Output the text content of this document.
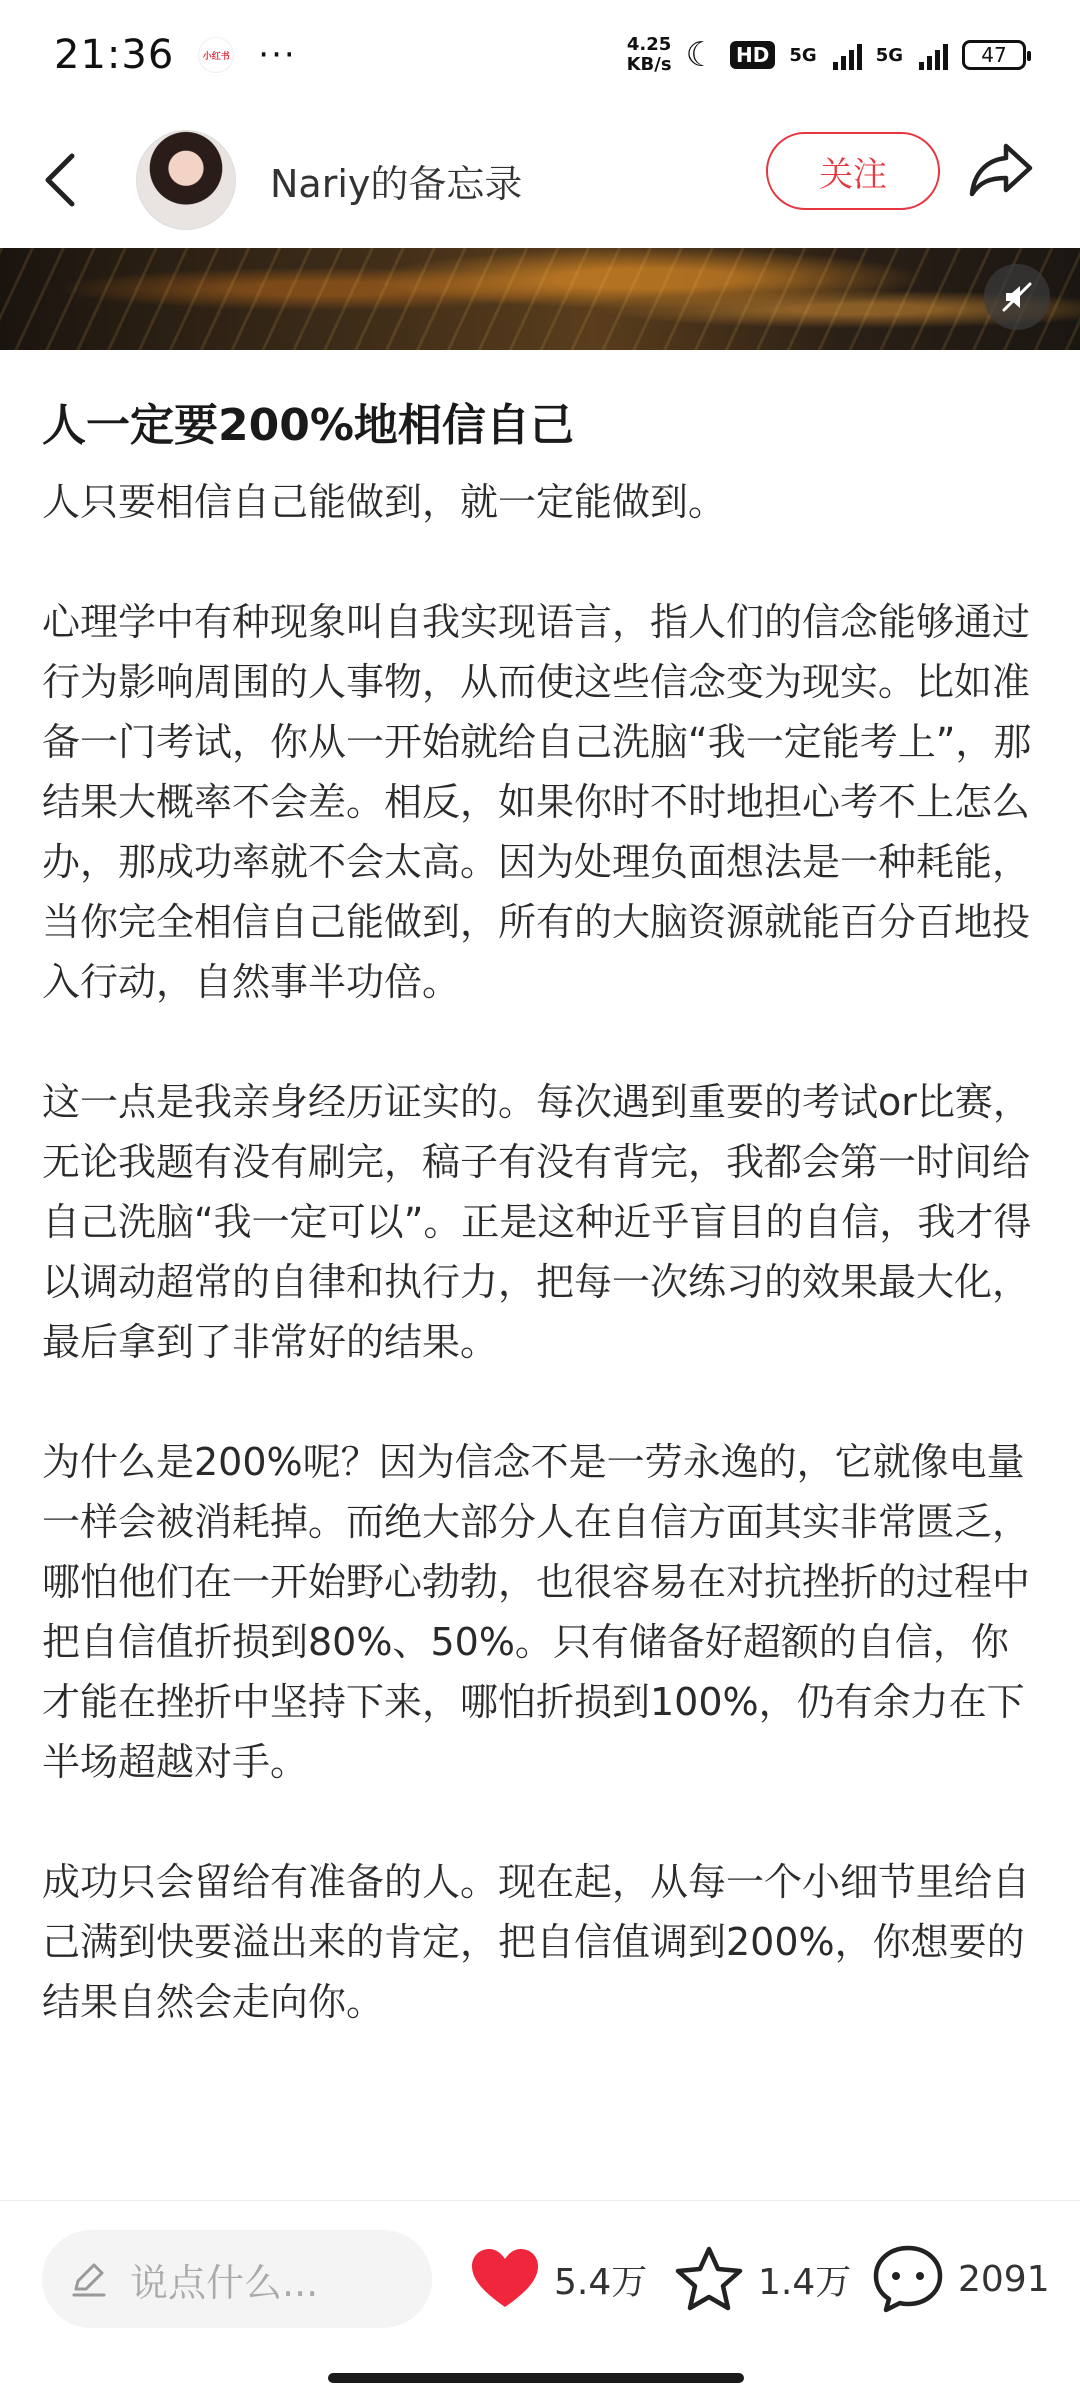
21:36	小红书 ···	4.25
KB/s ☾	HD	5G	5G	47
Nariy的备忘录	关注
人一定要200%地相信自己

人只要相信自己能做到，就一定能做到。

心理学中有种现象叫自我实现语言，指人们的信念能够通过行为影响周围的人事物，从而使这些信念变为现实。比如准备一门考试，你从一开始就给自己洗脑“我一定能考上”，那结果大概率不会差。相反，如果你时不时地担心考不上怎么办，那成功率就不会太高。因为处理负面想法是一种耗能，当你完全相信自己能做到，所有的大脑资源就能百分百地投入行动，自然事半功倍。

这一点是我亲身经历证实的。每次遇到重要的考试or比赛，无论我题有没有刷完，稿子有没有背完，我都会第一时间给自己洗脑“我一定可以”。正是这种近乎盲目的自信，我才得以调动超常的自律和执行力，把每一次练习的效果最大化，最后拿到了非常好的结果。

为什么是200%呢？因为信念不是一劳永逸的，它就像电量一样会被消耗掉。而绝大部分人在自信方面其实非常匮乏，哪怕他们在一开始野心勃勃，也很容易在对抗挫折的过程中把自信值折损到80%、50%。只有储备好超额的自信，你才能在挫折中坚持下来，哪怕折损到100%，仍有余力在下半场超越对手。

成功只会留给有准备的人。现在起，从每一个小细节里给自己满到快要溢出来的肯定，把自信值调到200%，你想要的结果自然会走向你。

说点什么...	5.4万	1.4万	2091
